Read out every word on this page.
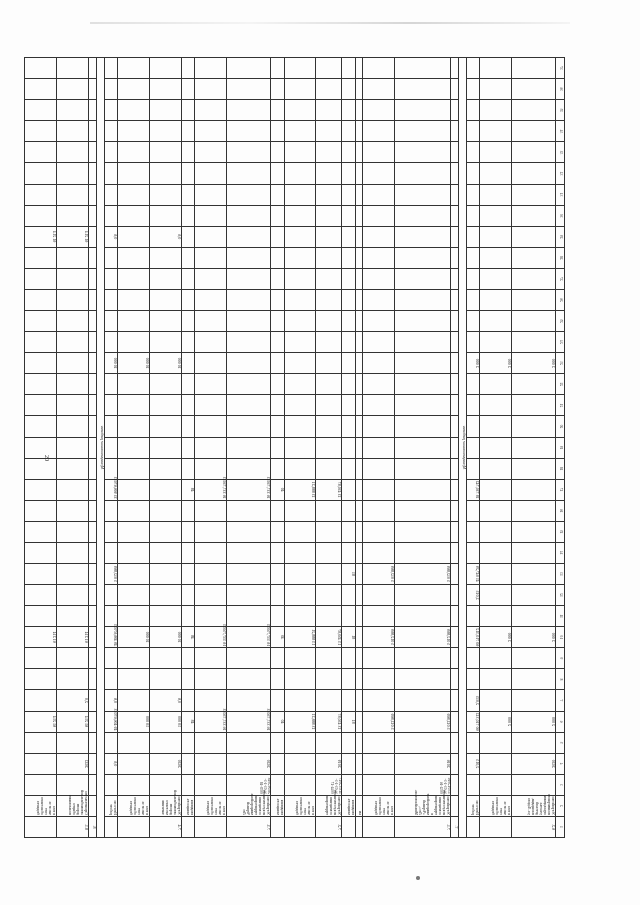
20
1	2	3	4	5	6	7	8	9	10	11	12	13	14	15	16	17	18	19	20	21	22	23	24	25	26	27	28	29	30	31	32	33	34	35	36	37
6.2.	Устройство полимерного ограждения участка детской площадки, ул. Ладога		2020		2 000				2 000													2 000														
	в том числе за счет областного бюджета				2 000				2 000													2 000														
	Итого по работе		2,015		60 710,312	2,015			60 710,312		2,015	41 047,29				18 730,742						2 000														
Муниципальные работы																																				
7.																																				
7.1.	Устройство искусственного освещения территории в микрорайоне «Черный Лес», Михайловская»	13.01.2016 № 03-1-3-0032-16	2016		5 012,869				5 012,869			5 012,869																								
	в том числе за счет областного бюджета				5 012,869				5 012,869			5 012,869																								
	км																																			
	вводимая мощность				81				81			81																								
7.2.	Устройство искусственного освещения территории	11.03.2017 № 03-1-3-0044-17	2019		13 450,87				13 450,87							13 450,87																				
	в том числе за счет областного бюджета				13 888,21				13 888,21							13 888,21																				
	вводимая мощность				40				40							40																				
7.3.	Устройство искусственного освещения территории микрорайона Черный Лес	28.09.2018 № 03-1-3-0035-18	2020		16 337,75053				16 337,75053							16 337,75053																				
	в том числе за счет областного бюджета				16 337,75053				16 337,75053							16 337,75053																				
	вводимая мощность				48				48							48																				
7.4.	Устройство автомобильной дороги местного значения		2020		10 000	0,6			10 000													10 000						0,6								
	в том числе за счет областного бюджета				10 000				10 000													10 000														
	Итого по работе		0,6		49 406,67053	0,6			49 406,67053			5 012,869				35 906,67053						10 000						0,6								
Муниципальные работы																																				
8.																																				
8.1.	Строительство автомобильной дороги общего пользования		2022		61 214	2,0			61 214																			61 214								
	в том числе за счет областного бюджета				61 214				61 214																			61 214								
